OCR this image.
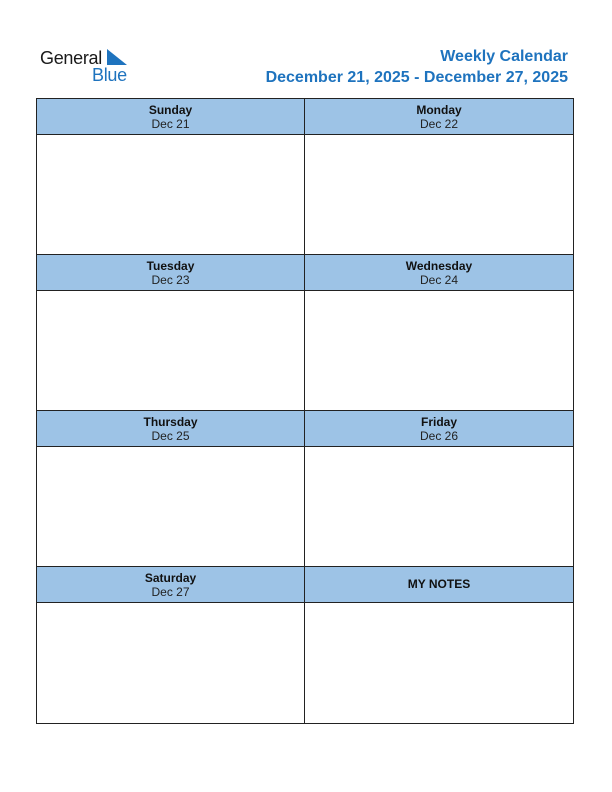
General
Blue
Weekly Calendar
December 21, 2025 - December 27, 2025
Sunday
Dec 21
Monday
Dec 22
Tuesday
Dec 23
Wednesday
Dec 24
Thursday
Dec 25
Friday
Dec 26
Saturday
Dec 27
MY NOTES
